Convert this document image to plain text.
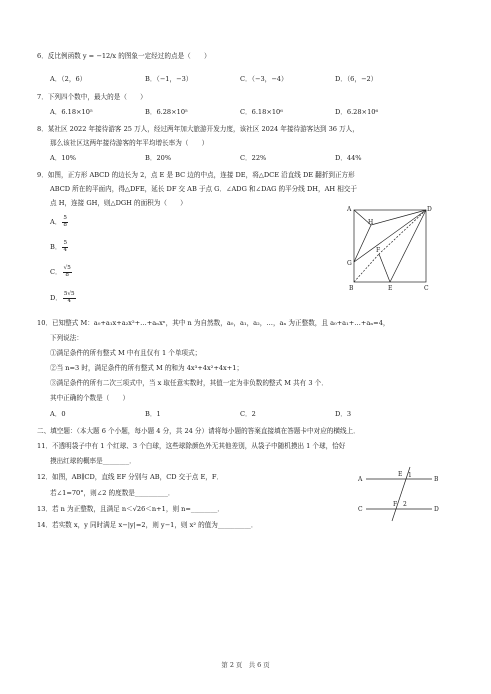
6．反比例函数 y = −12/x 的图象一定经过的点是（　　）
A．（2，6）	B．（−1，−3）	C．（−3，−4）	D．（6，−2）
7．下列四个数中，最大的是（　　）
A．6.18×10⁵	B．6.28×10⁵	C．6.18×10⁶	D．6.28×10⁶
8．某社区 2022 年接待游客 25 万人，经过两年加大旅游开发力度，该社区 2024 年接待游客达到 36 万人，
那么该社区这两年接待游客的年平均增长率为（　　）
A．10%	B．20%	C．22%	D．44%
9．如图，正方形 ABCD 的边长为 2，点 E 是 BC 边的中点，连接 DE，将△DCE 沿直线 DE 翻折到正方形
ABCD 所在的平面内，得△DFE，延长 DF 交 AB 于点 G．∠ADG 和∠DAG 的平分线 DH，AH 相交于
点 H，连接 GH，则△DGH 的面积为（　　）
A． $\frac{5}{8}$
B． $\frac{5}{4}$
C． $\frac{√5}{8}$
D． $\frac{5√5}{4}$
A	D
H
G
F
B	E	C
10．已知整式 M：a₀+a₁x+a₂x²+…+aₙxⁿ，其中 n 为自然数，a₀，a₁，a₂，…，aₙ 为正整数，且 a₀+a₁+…+aₙ=4，
下列说法：
①满足条件的所有整式 M 中有且仅有 1 个单项式；
②当 n=3 时，满足条件的所有整式 M 的和为 4x³+4x²+4x+1；
③满足条件的所有二次三项式中，当 x 取任意实数时，其值一定为非负数的整式 M 共有 3 个．
其中正确的个数是（　　）
A．0	B．1	C．2	D．3
二、填空题：（本大题 6 个小题，每小题 4 分，共 24 分）请将每小题的答案直接填在答题卡中对应的横线上．
11．不透明袋子中有 1 个红球、3 个白球，这些球除颜色外无其他差别，从袋子中随机摸出 1 个球，恰好
摸出红球的概率是________．
12．如图，AB∥CD，直线 EF 分别与 AB，CD 交于点 E，F．
若∠1=70°，则∠2 的度数是__________．
A	B
C	D
E
F
1
2
13．若 n 为正整数，且满足 n＜√26＜n+1，则 n=________．
14．若实数 x，y 同时满足 x−|y|=2，则 y−1，则 x² 的值为__________．
第 2 页　共 6 页
